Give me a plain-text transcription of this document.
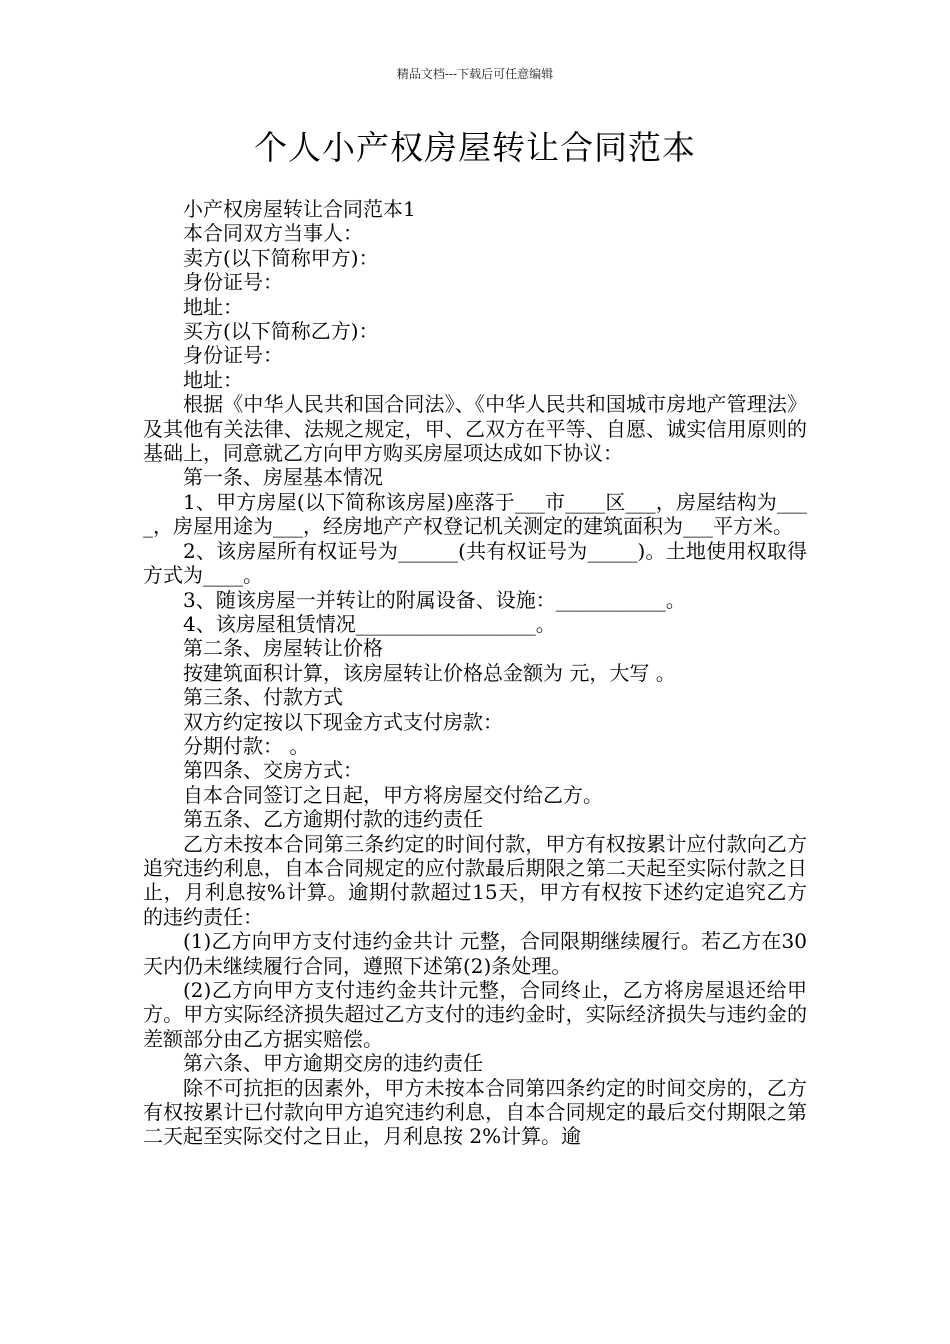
精品文档---下载后可任意编辑
个人小产权房屋转让合同范本

小产权房屋转让合同范本1

本合同双方当事人：

卖方(以下简称甲方)：

身份证号：

地址：

买方(以下简称乙方)：

身份证号：

地址：

根据《中华人民共和国合同法》、《中华人民共和国城市房地产管理法》及其他有关法律、法规之规定，甲、乙双方在平等、自愿、诚实信用原则的基础上，同意就乙方向甲方购买房屋项达成如下协议：

第一条、房屋基本情况

1、甲方房屋(以下简称该房屋)座落于___市____区___，房屋结构为____，房屋用途为___，经房地产产权登记机关测定的建筑面积为___平方米。

2、该房屋所有权证号为______(共有权证号为_____)。土地使用权取得方式为____。

3、随该房屋一并转让的附属设备、设施：___________。

4、该房屋租赁情况__________________。

第二条、房屋转让价格

按建筑面积计算，该房屋转让价格总金额为 元，大写 。

第三条、付款方式

双方约定按以下现金方式支付房款：

分期付款： 。

第四条、交房方式：

自本合同签订之日起，甲方将房屋交付给乙方。

第五条、乙方逾期付款的违约责任

乙方未按本合同第三条约定的时间付款，甲方有权按累计应付款向乙方追究违约利息，自本合同规定的应付款最后期限之第二天起至实际付款之日止，月利息按%计算。逾期付款超过15天，甲方有权按下述约定追究乙方的违约责任：

(1)乙方向甲方支付违约金共计 元整，合同限期继续履行。若乙方在30天内仍未继续履行合同，遵照下述第(2)条处理。

(2)乙方向甲方支付违约金共计元整，合同终止，乙方将房屋退还给甲方。甲方实际经济损失超过乙方支付的违约金时，实际经济损失与违约金的差额部分由乙方据实赔偿。

第六条、甲方逾期交房的违约责任

除不可抗拒的因素外，甲方未按本合同第四条约定的时间交房的，乙方有权按累计已付款向甲方追究违约利息，自本合同规定的最后交付期限之第二天起至实际交付之日止，月利息按 2%计算。逾
